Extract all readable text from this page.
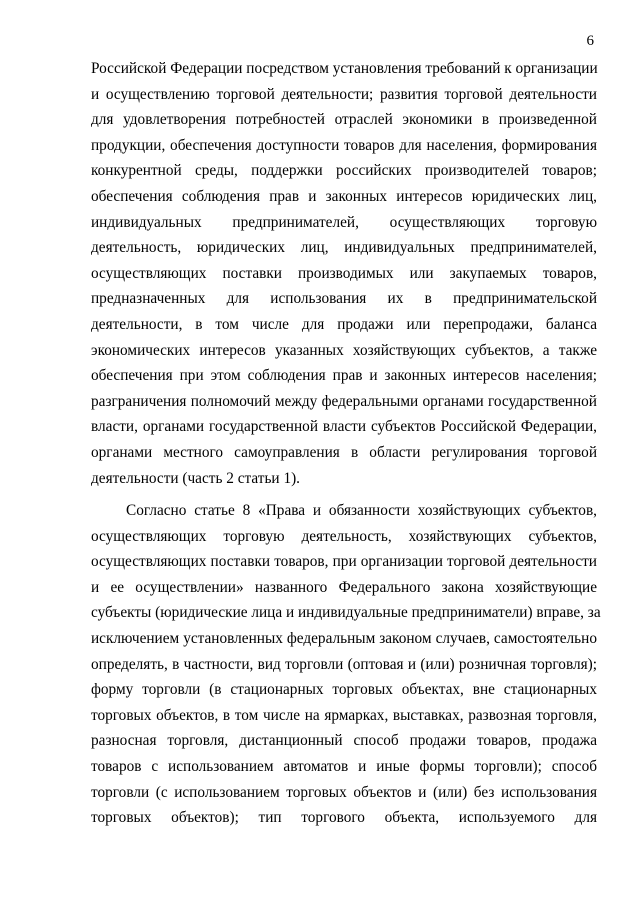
6
Российской Федерации посредством установления требований к организации
и осуществлению торговой деятельности; развития торговой деятельности
для удовлетворения потребностей отраслей экономики в произведенной
продукции, обеспечения доступности товаров для населения, формирования
конкурентной среды, поддержки российских производителей товаров;
обеспечения соблюдения прав и законных интересов юридических лиц,
индивидуальных предпринимателей, осуществляющих торговую
деятельность, юридических лиц, индивидуальных предпринимателей,
осуществляющих поставки производимых или закупаемых товаров,
предназначенных для использования их в предпринимательской
деятельности, в том числе для продажи или перепродажи, баланса
экономических интересов указанных хозяйствующих субъектов, а также
обеспечения при этом соблюдения прав и законных интересов населения;
разграничения полномочий между федеральными органами государственной
власти, органами государственной власти субъектов Российской Федерации,
органами местного самоуправления в области регулирования торговой
деятельности (часть 2 статьи 1).
Согласно статье 8 «Права и обязанности хозяйствующих субъектов,
осуществляющих торговую деятельность, хозяйствующих субъектов,
осуществляющих поставки товаров, при организации торговой деятельности
и ее осуществлении» названного Федерального закона хозяйствующие
субъекты (юридические лица и индивидуальные предприниматели) вправе, за
исключением установленных федеральным законом случаев, самостоятельно
определять, в частности, вид торговли (оптовая и (или) розничная торговля);
форму торговли (в стационарных торговых объектах, вне стационарных
торговых объектов, в том числе на ярмарках, выставках, развозная торговля,
разносная торговля, дистанционный способ продажи товаров, продажа
товаров с использованием автоматов и иные формы торговли); способ
торговли (с использованием торговых объектов и (или) без использования
торговых объектов); тип торгового объекта, используемого для
